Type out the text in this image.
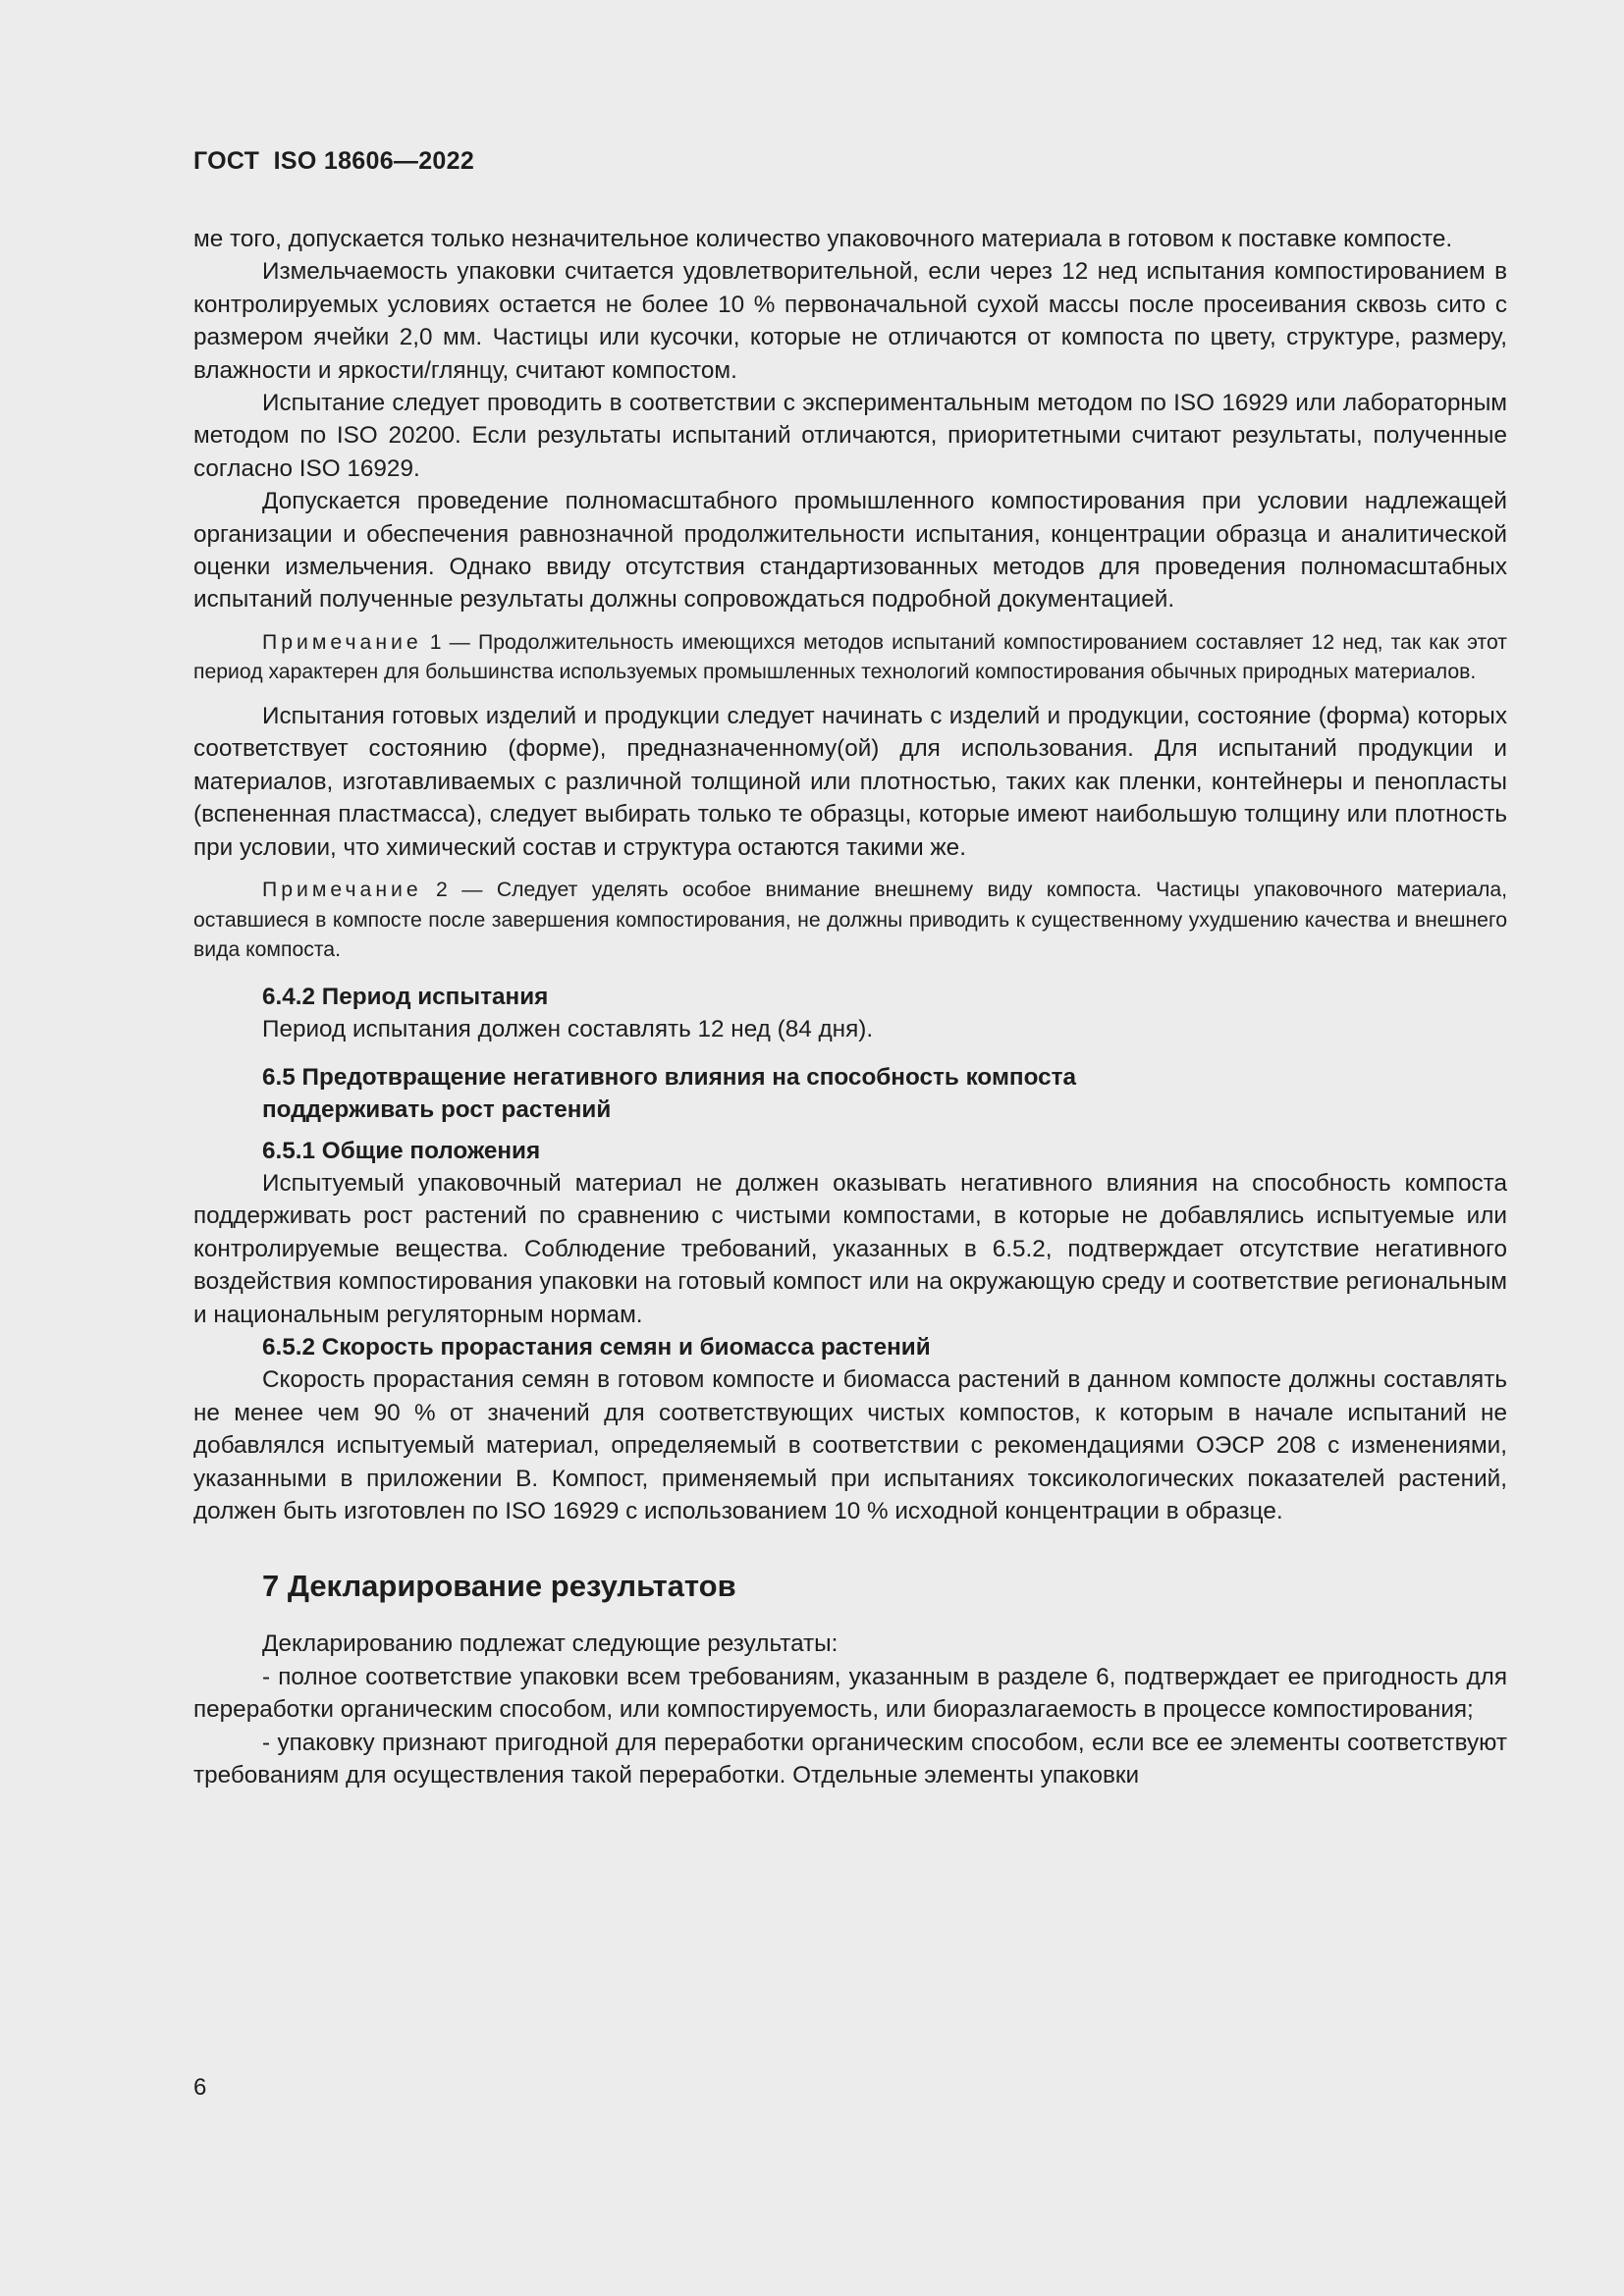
ГОСТ  ISO 18606—2022

ме того, допускается только незначительное количество упаковочного материала в готовом к поставке компосте.

Измельчаемость упаковки считается удовлетворительной, если через 12 нед испытания компостированием в контролируемых условиях остается не более 10 % первоначальной сухой массы после просеивания сквозь сито с размером ячейки 2,0 мм. Частицы или кусочки, которые не отличаются от компоста по цвету, структуре, размеру, влажности и яркости/глянцу, считают компостом.

Испытание следует проводить в соответствии с экспериментальным методом по ISO 16929 или лабораторным методом по ISO 20200. Если результаты испытаний отличаются, приоритетными считают результаты, полученные согласно ISO 16929.

Допускается проведение полномасштабного промышленного компостирования при условии надлежащей организации и обеспечения равнозначной продолжительности испытания, концентрации образца и аналитической оценки измельчения. Однако ввиду отсутствия стандартизованных методов для проведения полномасштабных испытаний полученные результаты должны сопровождаться подробной документацией.

Примечание 1 — Продолжительность имеющихся методов испытаний компостированием составляет 12 нед, так как этот период характерен для большинства используемых промышленных технологий компостирования обычных природных материалов.

Испытания готовых изделий и продукции следует начинать с изделий и продукции, состояние (форма) которых соответствует состоянию (форме), предназначенному(ой) для использования. Для испытаний продукции и материалов, изготавливаемых с различной толщиной или плотностью, таких как пленки, контейнеры и пенопласты (вспененная пластмасса), следует выбирать только те образцы, которые имеют наибольшую толщину или плотность при условии, что химический состав и структура остаются такими же.

Примечание 2 — Следует уделять особое внимание внешнему виду компоста. Частицы упаковочного материала, оставшиеся в компосте после завершения компостирования, не должны приводить к существенному ухудшению качества и внешнего вида компоста.

6.4.2 Период испытания

Период испытания должен составлять 12 нед (84 дня).

6.5 Предотвращение негативного влияния на способность компоста

поддерживать рост растений

6.5.1 Общие положения

Испытуемый упаковочный материал не должен оказывать негативного влияния на способность компоста поддерживать рост растений по сравнению с чистыми компостами, в которые не добавлялись испытуемые или контролируемые вещества. Соблюдение требований, указанных в 6.5.2, подтверждает отсутствие негативного воздействия компостирования упаковки на готовый компост или на окружающую среду и соответствие региональным и национальным регуляторным нормам.

6.5.2 Скорость прорастания семян и биомасса растений

Скорость прорастания семян в готовом компосте и биомасса растений в данном компосте должны составлять не менее чем 90 % от значений для соответствующих чистых компостов, к которым в начале испытаний не добавлялся испытуемый материал, определяемый в соответствии с рекомендациями ОЭСР 208 с изменениями, указанными в приложении В. Компост, применяемый при испытаниях токсикологических показателей растений, должен быть изготовлен по ISO 16929 с использованием 10 % исходной концентрации в образце.

7 Декларирование результатов

Декларированию подлежат следующие результаты:

- полное соответствие упаковки всем требованиям, указанным в разделе 6, подтверждает ее пригодность для переработки органическим способом, или компостируемость, или биоразлагаемость в процессе компостирования;

- упаковку признают пригодной для переработки органическим способом, если все ее элементы соответствуют требованиям для осуществления такой переработки. Отдельные элементы упаковки

6
